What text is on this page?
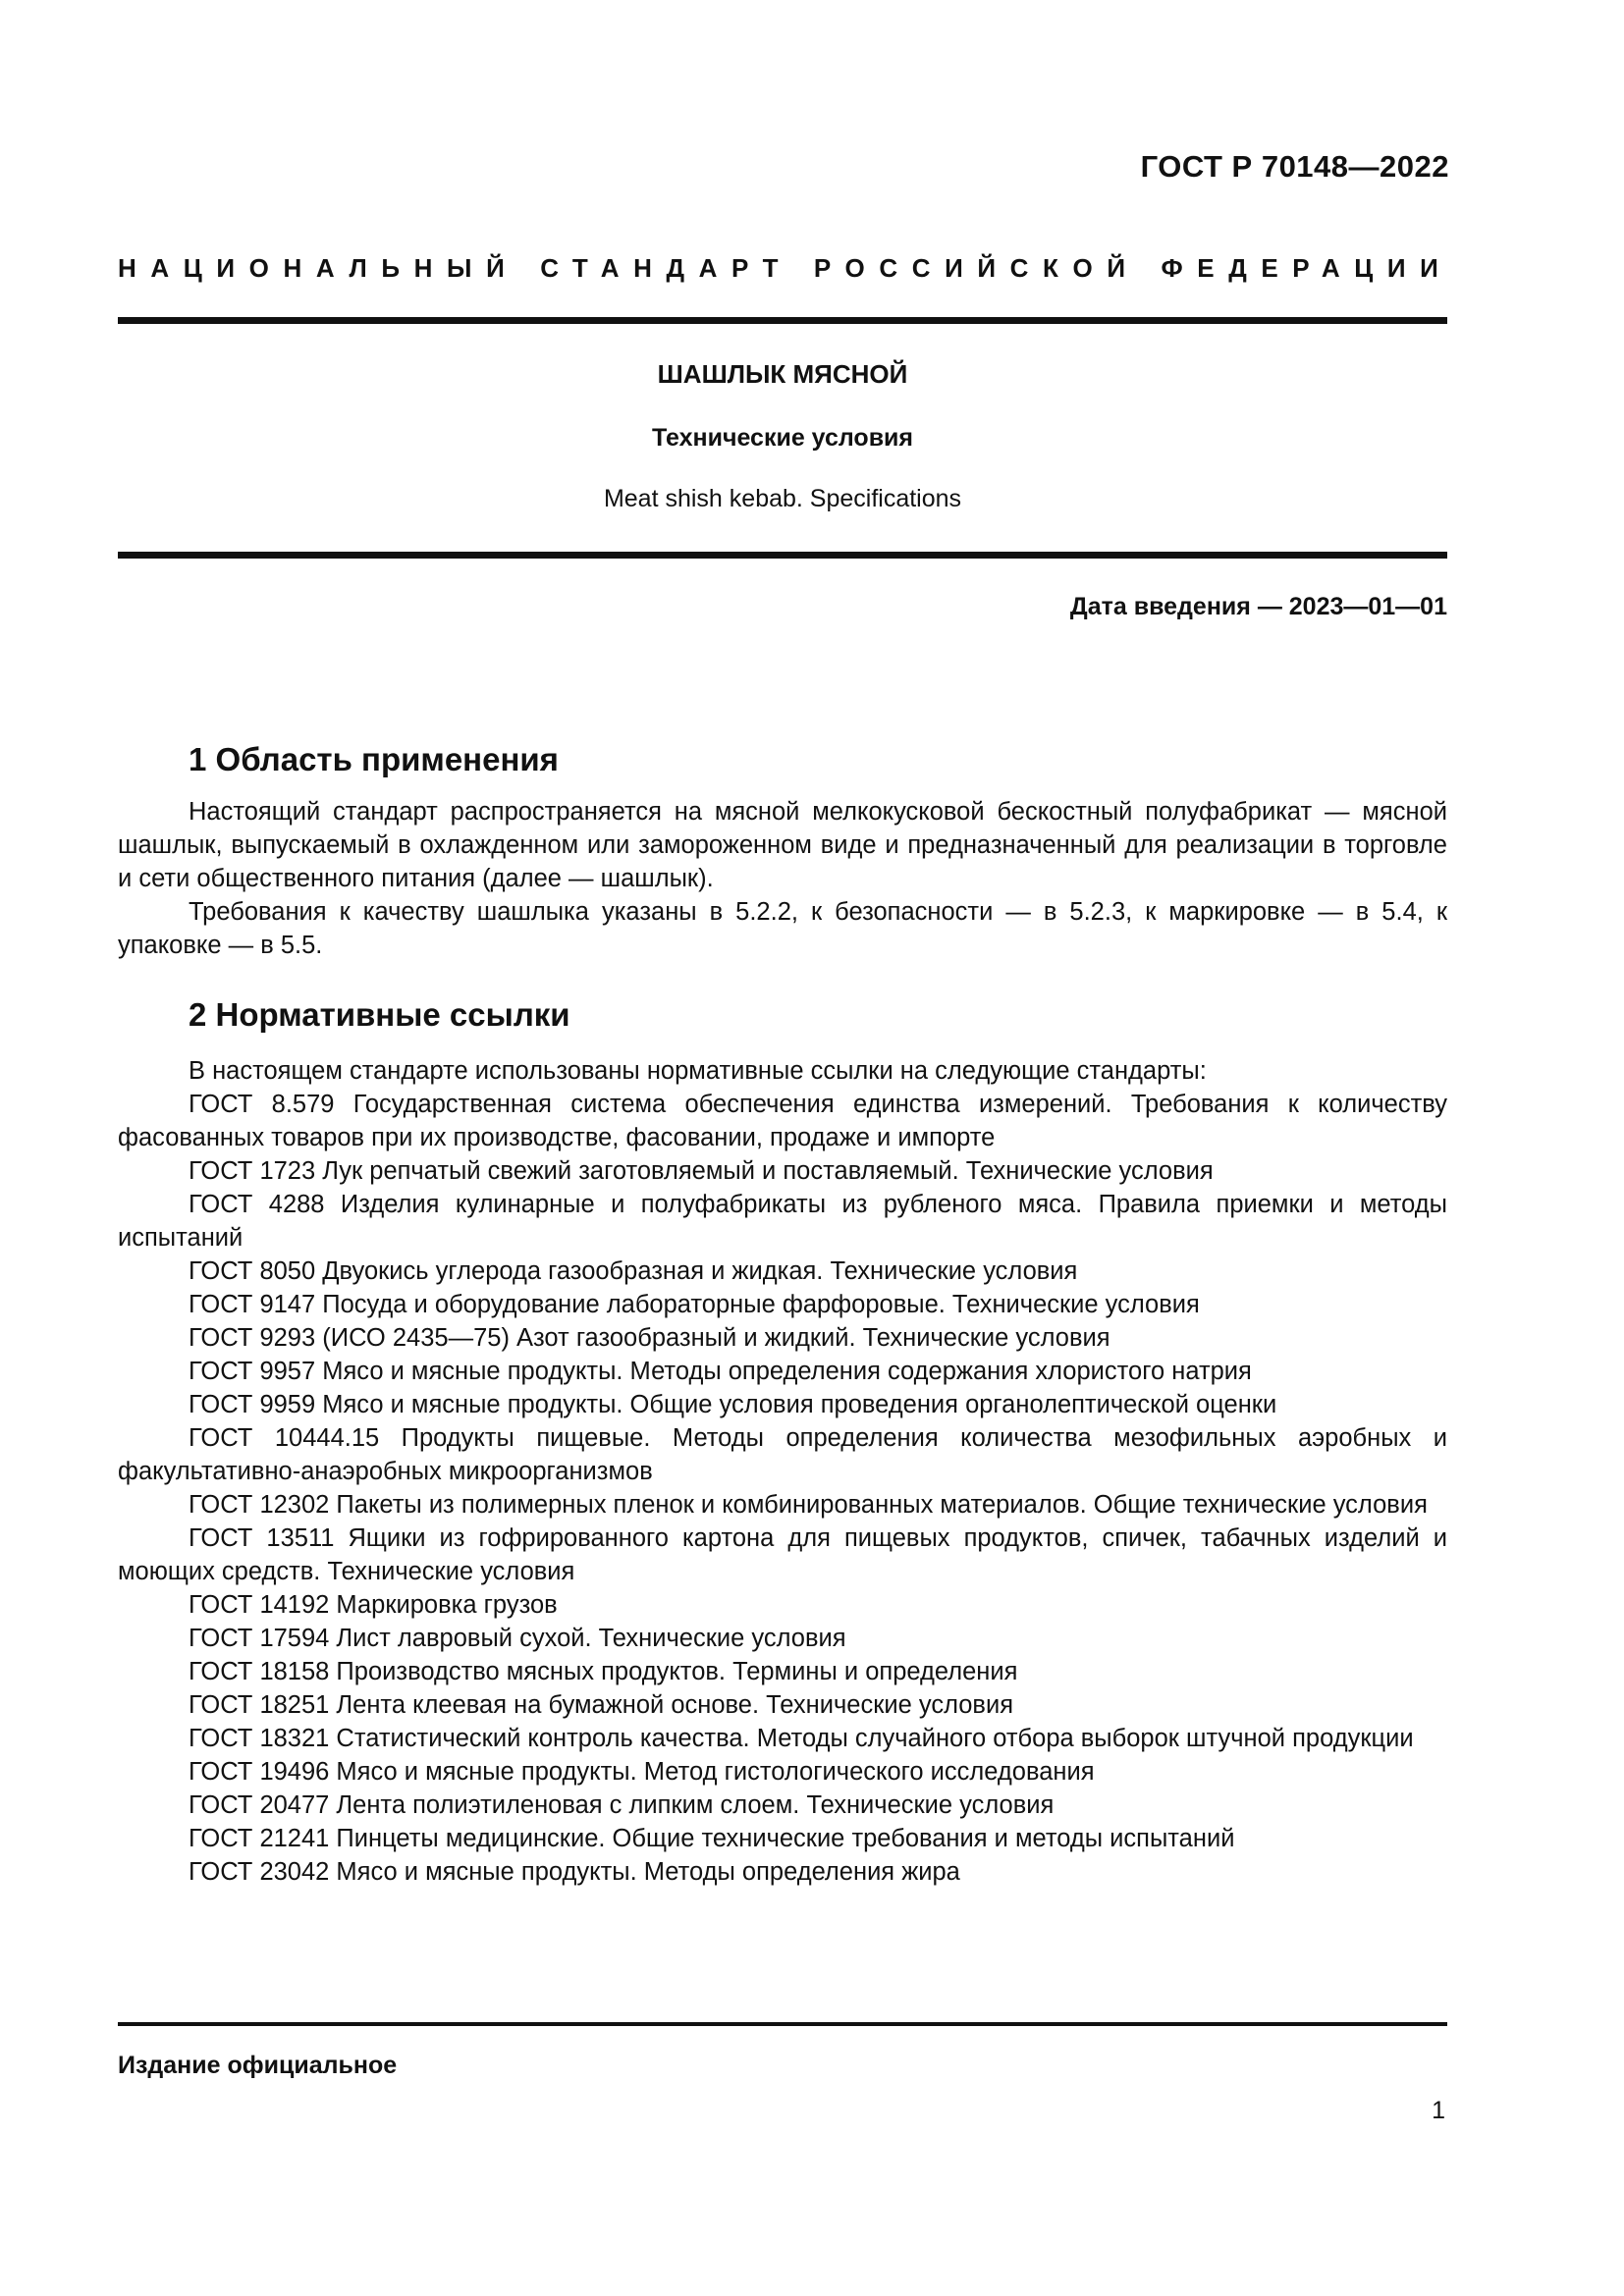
ГОСТ Р 70148—2022
НАЦИОНАЛЬНЫЙ СТАНДАРТ РОССИЙСКОЙ ФЕДЕРАЦИИ
ШАШЛЫК МЯСНОЙ
Технические условия
Meat shish kebab. Specifications
Дата введения — 2023—01—01
1 Область применения

Настоящий стандарт распространяется на мясной мелкокусковой бескостный полуфабрикат — мясной шашлык, выпускаемый в охлажденном или замороженном виде и предназначенный для реализации в торговле и сети общественного питания (далее — шашлык).

Требования к качеству шашлыка указаны в 5.2.2, к безопасности — в 5.2.3, к маркировке — в 5.4, к упаковке — в 5.5.

2 Нормативные ссылки

В настоящем стандарте использованы нормативные ссылки на следующие стандарты:

ГОСТ 8.579 Государственная система обеспечения единства измерений. Требования к количеству фасованных товаров при их производстве, фасовании, продаже и импорте
ГОСТ 1723 Лук репчатый свежий заготовляемый и поставляемый. Технические условия
ГОСТ 4288 Изделия кулинарные и полуфабрикаты из рубленого мяса. Правила приемки и методы испытаний
ГОСТ 8050 Двуокись углерода газообразная и жидкая. Технические условия
ГОСТ 9147 Посуда и оборудование лабораторные фарфоровые. Технические условия
ГОСТ 9293 (ИСО 2435—75) Азот газообразный и жидкий. Технические условия
ГОСТ 9957 Мясо и мясные продукты. Методы определения содержания хлористого натрия
ГОСТ 9959 Мясо и мясные продукты. Общие условия проведения органолептической оценки
ГОСТ 10444.15 Продукты пищевые. Методы определения количества мезофильных аэробных и факультативно-анаэробных микроорганизмов
ГОСТ 12302 Пакеты из полимерных пленок и комбинированных материалов. Общие технические условия
ГОСТ 13511 Ящики из гофрированного картона для пищевых продуктов, спичек, табачных изделий и моющих средств. Технические условия
ГОСТ 14192 Маркировка грузов
ГОСТ 17594 Лист лавровый сухой. Технические условия
ГОСТ 18158 Производство мясных продуктов. Термины и определения
ГОСТ 18251 Лента клеевая на бумажной основе. Технические условия
ГОСТ 18321 Статистический контроль качества. Методы случайного отбора выборок штучной продукции
ГОСТ 19496 Мясо и мясные продукты. Метод гистологического исследования
ГОСТ 20477 Лента полиэтиленовая с липким слоем. Технические условия
ГОСТ 21241 Пинцеты медицинские. Общие технические требования и методы испытаний
ГОСТ 23042 Мясо и мясные продукты. Методы определения жира
Издание официальное
1
